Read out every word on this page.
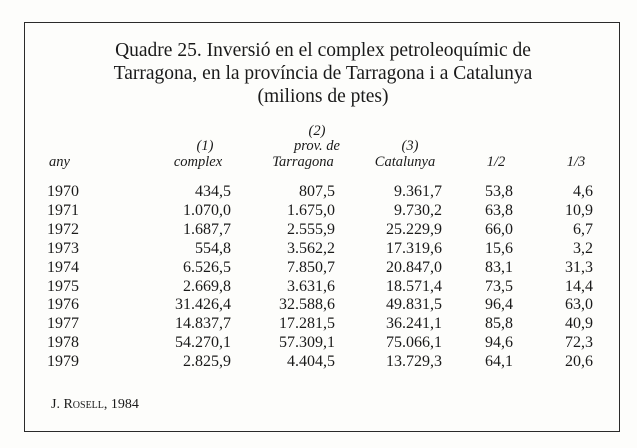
Quadre 25. Inversió en el complex petroleoquímic de
Tarragona, en la província de Tarragona i a Catalunya
(milions de ptes)
(2)
(1)	prov. de	(3)
any	complex	Tarragona	Catalunya	1/2	1/3
1970	434,5	807,5	9.361,7	53,8	4,6
1971	1.070,0	1.675,0	9.730,2	63,8	10,9
1972	1.687,7	2.555,9	25.229,9	66,0	6,7
1973	554,8	3.562,2	17.319,6	15,6	3,2
1974	6.526,5	7.850,7	20.847,0	83,1	31,3
1975	2.669,8	3.631,6	18.571,4	73,5	14,4
1976	31.426,4	32.588,6	49.831,5	96,4	63,0
1977	14.837,7	17.281,5	36.241,1	85,8	40,9
1978	54.270,1	57.309,1	75.066,1	94,6	72,3
1979	2.825,9	4.404,5	13.729,3	64,1	20,6
J. Rosell, 1984
